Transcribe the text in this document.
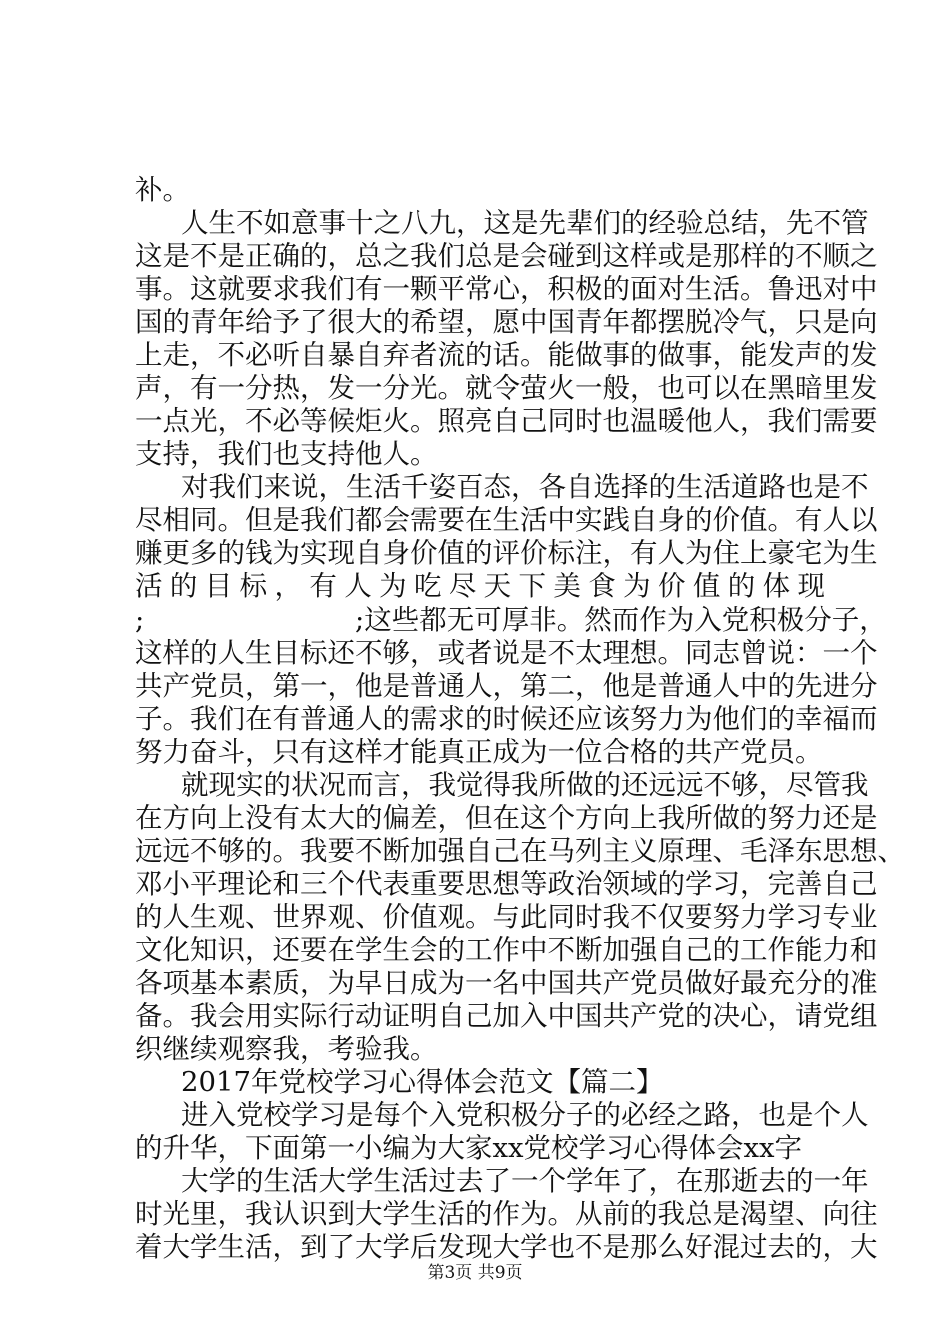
补。
人生不如意事十之八九，这是先辈们的经验总结，先不管
这是不是正确的，总之我们总是会碰到这样或是那样的不顺之
事。这就要求我们有一颗平常心，积极的面对生活。鲁迅对中
国的青年给予了很大的希望，愿中国青年都摆脱冷气，只是向
上走，不必听自暴自弃者流的话。能做事的做事，能发声的发
声，有一分热，发一分光。就令萤火一般，也可以在黑暗里发
一点光，不必等候炬火。照亮自己同时也温暖他人，我们需要
支持，我们也支持他人。
对我们来说，生活千姿百态，各自选择的生活道路也是不
尽相同。但是我们都会需要在生活中实践自身的价值。有人以
赚更多的钱为实现自身价值的评价标注，有人为住上豪宅为生
活的目标，有人为吃尽天下美食为价值的体现
;	;这些都无可厚非。然而作为入党积极分子，
这样的人生目标还不够，或者说是不太理想。同志曾说：一个
共产党员，第一，他是普通人，第二，他是普通人中的先进分
子。我们在有普通人的需求的时候还应该努力为他们的幸福而
努力奋斗，只有这样才能真正成为一位合格的共产党员。
就现实的状况而言，我觉得我所做的还远远不够，尽管我
在方向上没有太大的偏差，但在这个方向上我所做的努力还是
远远不够的。我要不断加强自己在马列主义原理、毛泽东思想、
邓小平理论和三个代表重要思想等政治领域的学习，完善自己
的人生观、世界观、价值观。与此同时我不仅要努力学习专业
文化知识，还要在学生会的工作中不断加强自己的工作能力和
各项基本素质，为早日成为一名中国共产党员做好最充分的准
备。我会用实际行动证明自己加入中国共产党的决心，请党组
织继续观察我，考验我。
2017年党校学习心得体会范文【篇二】
进入党校学习是每个入党积极分子的必经之路，也是个人
的升华，下面第一小编为大家xx党校学习心得体会xx字
大学的生活大学生活过去了一个学年了，在那逝去的一年
时光里，我认识到大学生活的作为。从前的我总是渴望、向往
着大学生活，到了大学后发现大学也不是那么好混过去的，大
第3页 共9页
